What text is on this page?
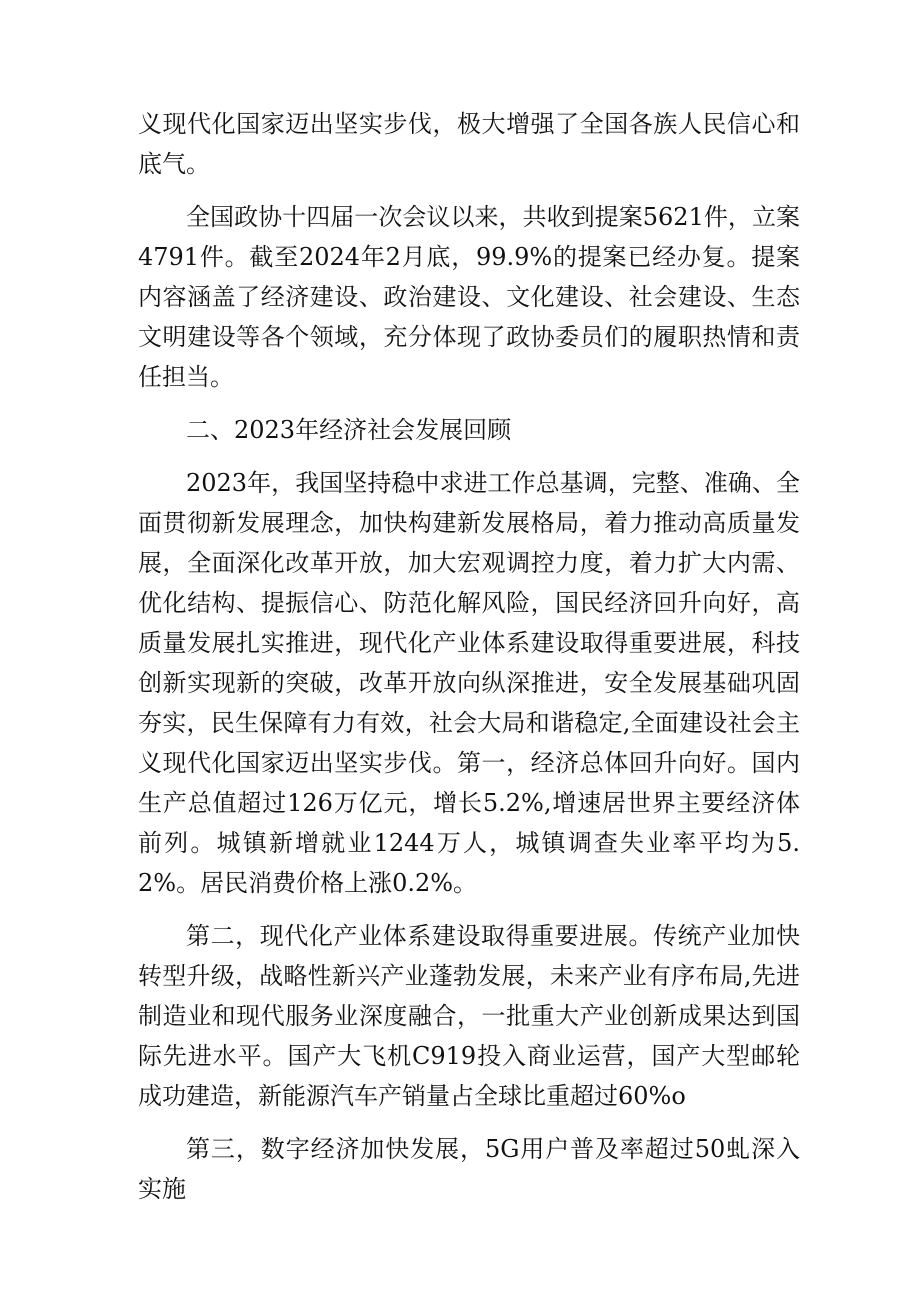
义现代化国家迈出坚实步伐，极大增强了全国各族人民信心和底气。

全国政协十四届一次会议以来，共收到提案5621件，立案4791件。截至2024年2月底，99.9%的提案已经办复。提案内容涵盖了经济建设、政治建设、文化建设、社会建设、生态文明建设等各个领域，充分体现了政协委员们的履职热情和责任担当。

二、2023年经济社会发展回顾

2023年，我国坚持稳中求进工作总基调，完整、准确、全面贯彻新发展理念，加快构建新发展格局，着力推动高质量发展，全面深化改革开放，加大宏观调控力度，着力扩大内需、优化结构、提振信心、防范化解风险，国民经济回升向好，高质量发展扎实推进，现代化产业体系建设取得重要进展，科技创新实现新的突破，改革开放向纵深推进，安全发展基础巩固夯实，民生保障有力有效，社会大局和谐稳定,全面建设社会主义现代化国家迈出坚实步伐。第一，经济总体回升向好。国内生产总值超过126万亿元，增长5.2%,增速居世界主要经济体前列。城镇新增就业1244万人，城镇调查失业率平均为5.2%。居民消费价格上涨0.2%。

第二，现代化产业体系建设取得重要进展。传统产业加快转型升级，战略性新兴产业蓬勃发展，未来产业有序布局,先进制造业和现代服务业深度融合，一批重大产业创新成果达到国际先进水平。国产大飞机C919投入商业运营，国产大型邮轮成功建造，新能源汽车产销量占全球比重超过60%o

第三，数字经济加快发展，5G用户普及率超过50虬深入实施
